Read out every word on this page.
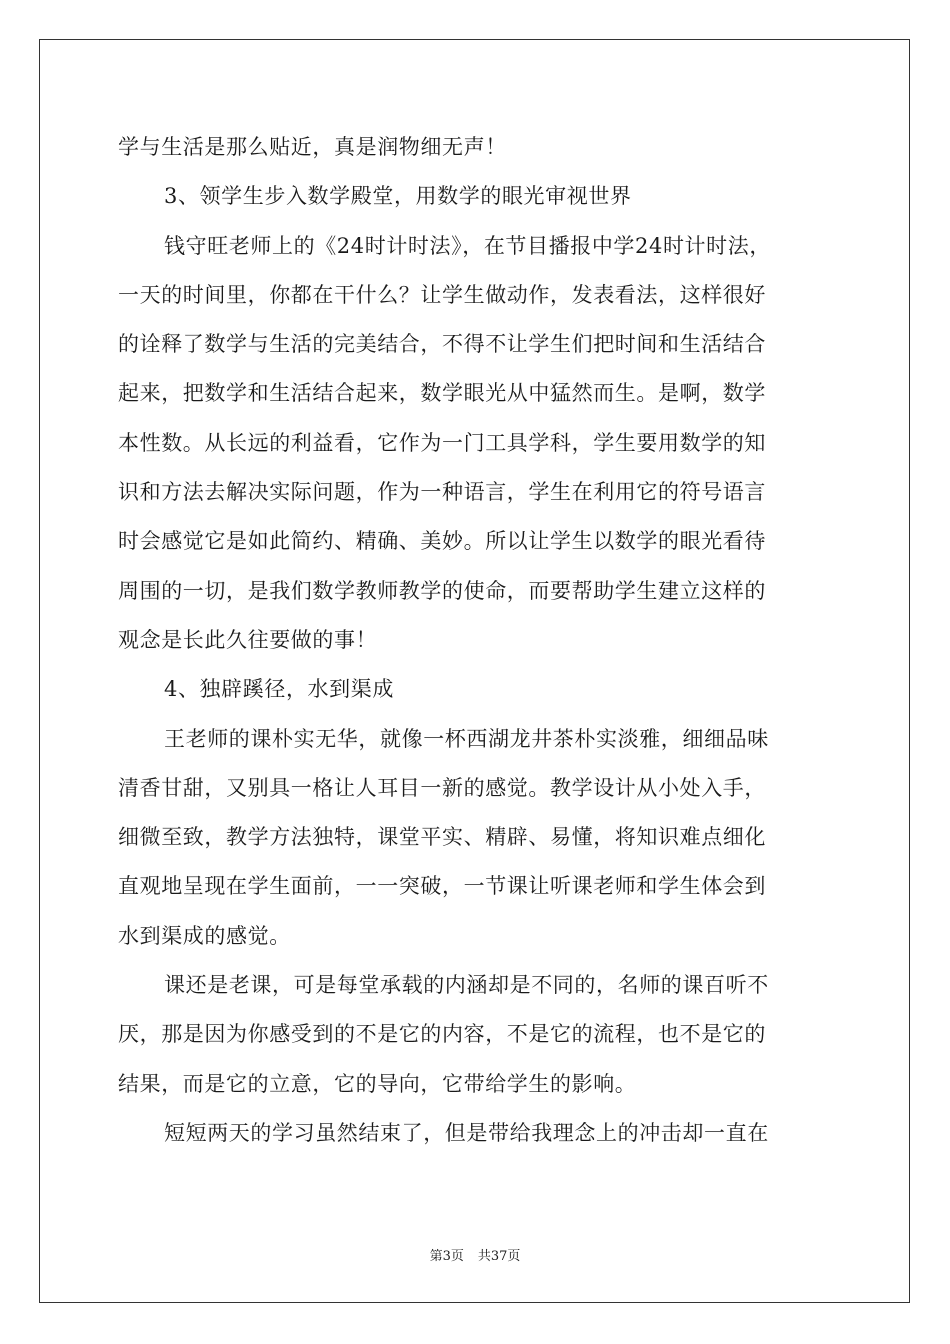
学与生活是那么贴近，真是润物细无声！
3、领学生步入数学殿堂，用数学的眼光审视世界
钱守旺老师上的《24时计时法》，在节目播报中学24时计时法，
一天的时间里，你都在干什么？让学生做动作，发表看法，这样很好
的诠释了数学与生活的完美结合，不得不让学生们把时间和生活结合
起来，把数学和生活结合起来，数学眼光从中猛然而生。是啊，数学
本性数。从长远的利益看，它作为一门工具学科，学生要用数学的知
识和方法去解决实际问题，作为一种语言，学生在利用它的符号语言
时会感觉它是如此简约、精确、美妙。所以让学生以数学的眼光看待
周围的一切，是我们数学教师教学的使命，而要帮助学生建立这样的
观念是长此久往要做的事！
4、独辟蹊径，水到渠成
王老师的课朴实无华，就像一杯西湖龙井茶朴实淡雅，细细品味
清香甘甜，又别具一格让人耳目一新的感觉。教学设计从小处入手，
细微至致，教学方法独特，课堂平实、精辟、易懂，将知识难点细化
直观地呈现在学生面前，一一突破，一节课让听课老师和学生体会到
水到渠成的感觉。
课还是老课，可是每堂承载的内涵却是不同的，名师的课百听不
厌，那是因为你感受到的不是它的内容，不是它的流程，也不是它的
结果，而是它的立意，它的导向，它带给学生的影响。
短短两天的学习虽然结束了，但是带给我理念上的冲击却一直在
第3页 共37页
